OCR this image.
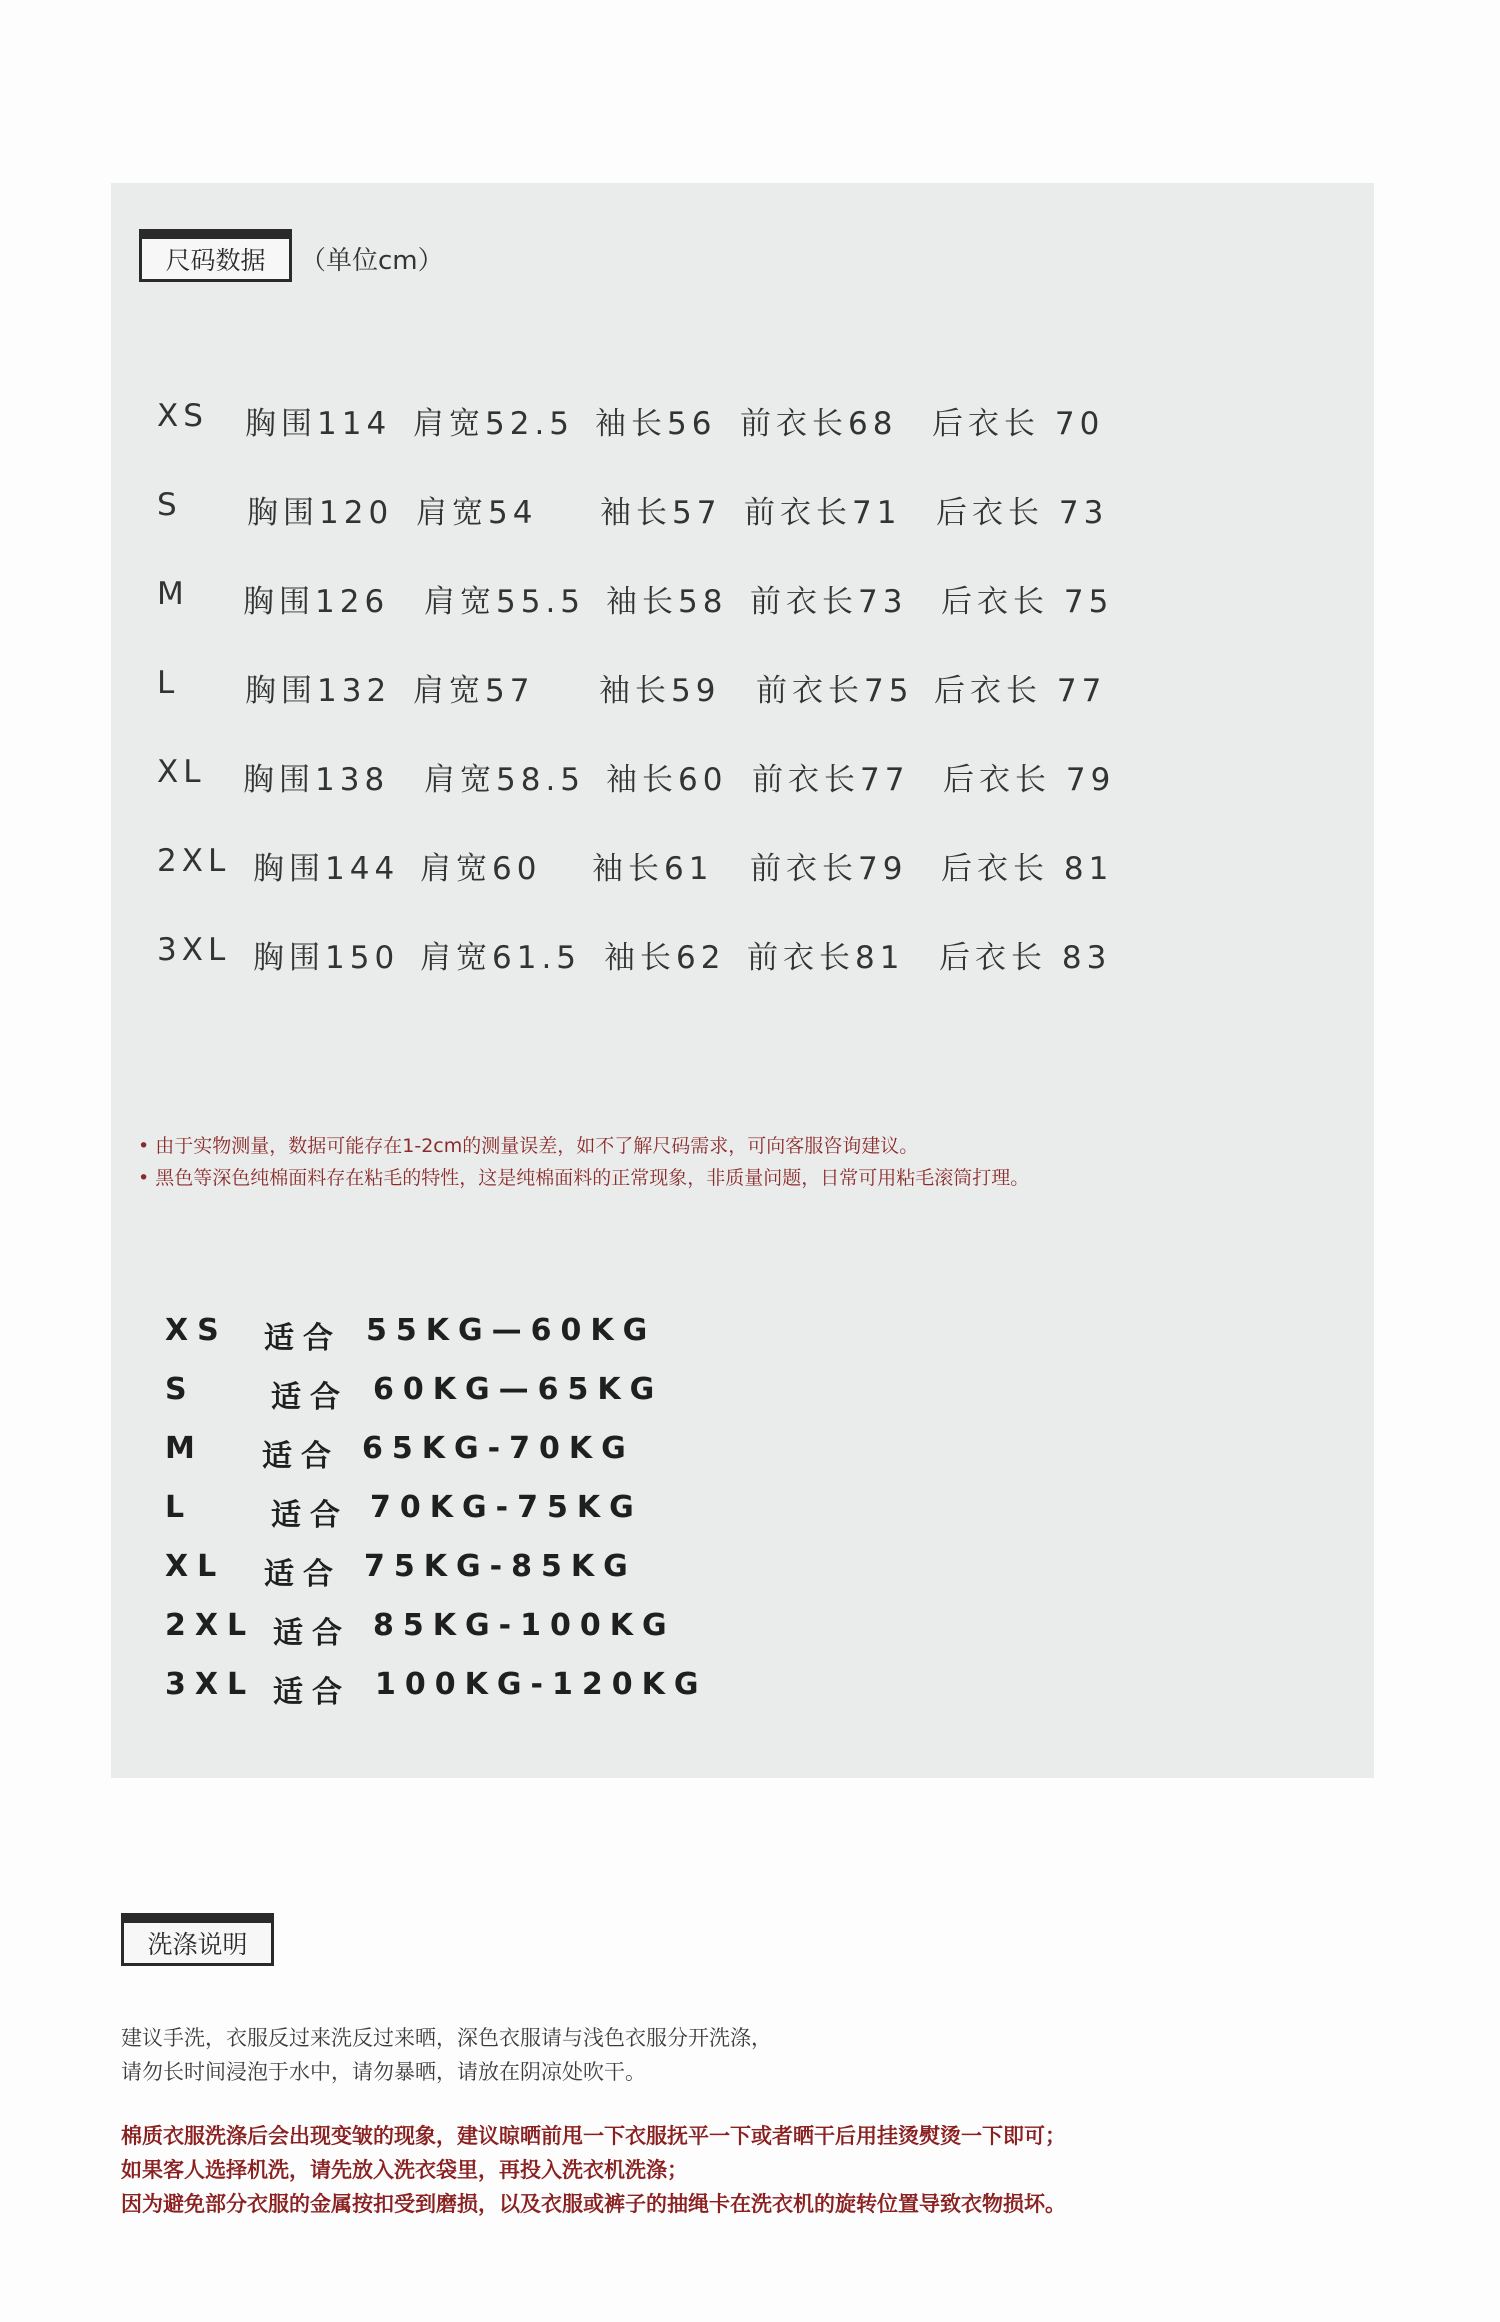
尺码数据	（单位cm）
XS 胸围114 肩宽52.5 袖长56 前衣长68 后衣长 70
S 胸围120 肩宽54 袖长57 前衣长71 后衣长 73
M 胸围126 肩宽55.5 袖长58 前衣长73 后衣长 75
L 胸围132 肩宽57 袖长59 前衣长75 后衣长 77
XL 胸围138 肩宽58.5 袖长60 前衣长77 后衣长 79
2XL 胸围144 肩宽60 袖长61 前衣长79 后衣长 81
3XL 胸围150 肩宽61.5 袖长62 前衣长81 后衣长 83
• 由于实物测量，数据可能存在1-2cm的测量误差，如不了解尺码需求，可向客服咨询建议。
• 黑色等深色纯棉面料存在粘毛的特性，这是纯棉面料的正常现象，非质量问题，日常可用粘毛滚筒打理。
XS 适合 55KG—60KG
S	适合 60KG—65KG
M 适合 65KG-70KG
L	适合 70KG-75KG
XL 适合 75KG-85KG
2XL 适合 85KG-100KG
3XL 适合 100KG-120KG
洗涤说明
建议手洗，衣服反过来洗反过来晒，深色衣服请与浅色衣服分开洗涤，
请勿长时间浸泡于水中，请勿暴晒，请放在阴凉处吹干。
棉质衣服洗涤后会出现变皱的现象，建议晾晒前甩一下衣服抚平一下或者晒干后用挂烫熨烫一下即可；
如果客人选择机洗，请先放入洗衣袋里，再投入洗衣机洗涤；
因为避免部分衣服的金属按扣受到磨损，以及衣服或裤子的抽绳卡在洗衣机的旋转位置导致衣物损坏。
